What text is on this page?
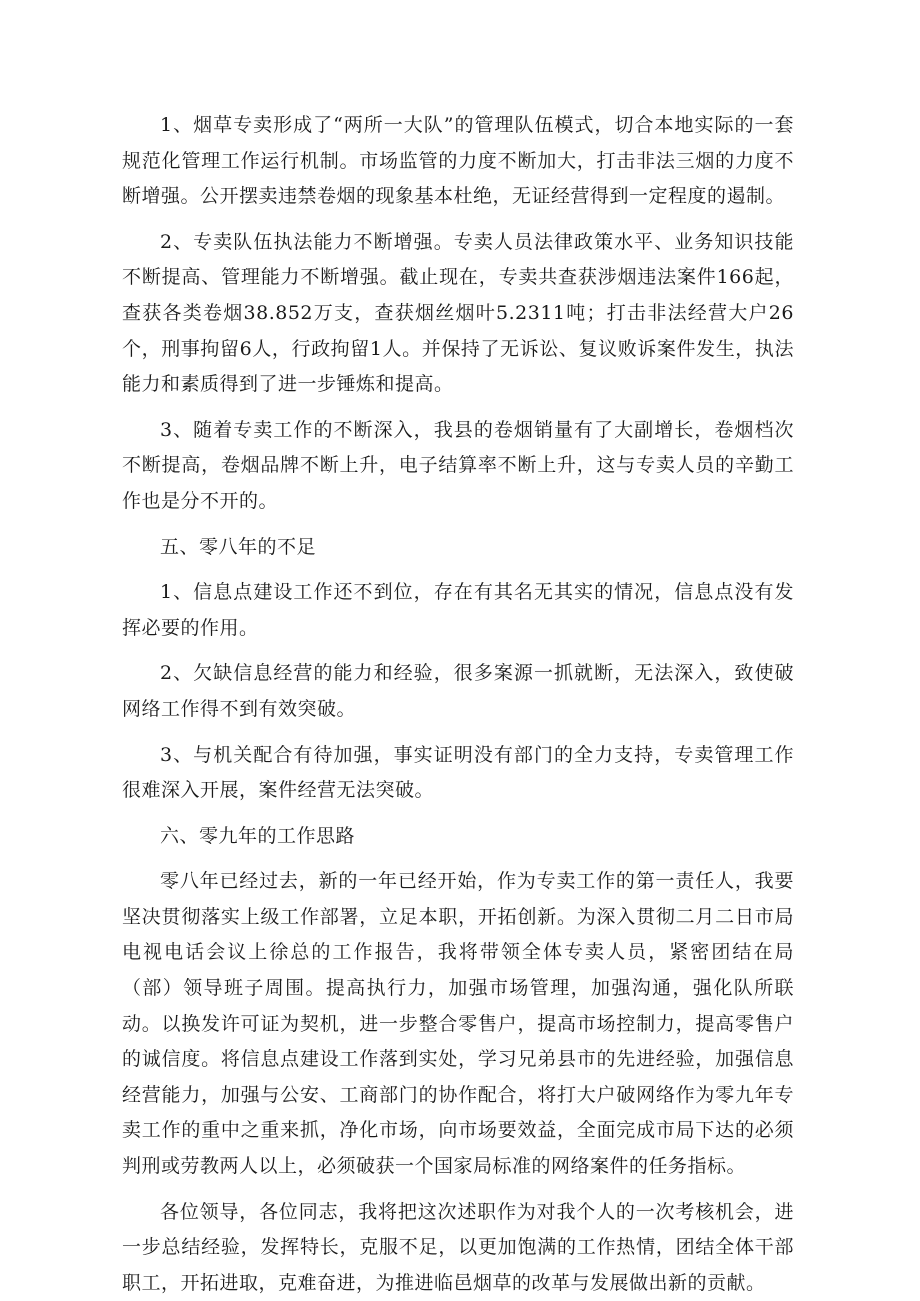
1、烟草专卖形成了“两所一大队”的管理队伍模式，切合本地实际的一套规范化管理工作运行机制。市场监管的力度不断加大，打击非法三烟的力度不断增强。公开摆卖违禁卷烟的现象基本杜绝，无证经营得到一定程度的遏制。

2、专卖队伍执法能力不断增强。专卖人员法律政策水平、业务知识技能不断提高、管理能力不断增强。截止现在，专卖共查获涉烟违法案件166起，查获各类卷烟38.852万支，查获烟丝烟叶5.2311吨；打击非法经营大户26个，刑事拘留6人，行政拘留1人。并保持了无诉讼、复议败诉案件发生，执法能力和素质得到了进一步锤炼和提高。

3、随着专卖工作的不断深入，我县的卷烟销量有了大副增长，卷烟档次不断提高，卷烟品牌不断上升，电子结算率不断上升，这与专卖人员的辛勤工作也是分不开的。

五、零八年的不足

1、信息点建设工作还不到位，存在有其名无其实的情况，信息点没有发挥必要的作用。

2、欠缺信息经营的能力和经验，很多案源一抓就断，无法深入，致使破网络工作得不到有效突破。

3、与机关配合有待加强，事实证明没有部门的全力支持，专卖管理工作很难深入开展，案件经营无法突破。

六、零九年的工作思路

零八年已经过去，新的一年已经开始，作为专卖工作的第一责任人，我要坚决贯彻落实上级工作部署，立足本职，开拓创新。为深入贯彻二月二日市局电视电话会议上徐总的工作报告，我将带领全体专卖人员，紧密团结在局（部）领导班子周围。提高执行力，加强市场管理，加强沟通，强化队所联动。以换发许可证为契机，进一步整合零售户，提高市场控制力，提高零售户的诚信度。将信息点建设工作落到实处，学习兄弟县市的先进经验，加强信息经营能力，加强与公安、工商部门的协作配合，将打大户破网络作为零九年专卖工作的重中之重来抓，净化市场，向市场要效益，全面完成市局下达的必须判刑或劳教两人以上，必须破获一个国家局标准的网络案件的任务指标。

各位领导，各位同志，我将把这次述职作为对我个人的一次考核机会，进一步总结经验，发挥特长，克服不足，以更加饱满的工作热情，团结全体干部职工，开拓进取，克难奋进，为推进临邑烟草的改革与发展做出新的贡献。
